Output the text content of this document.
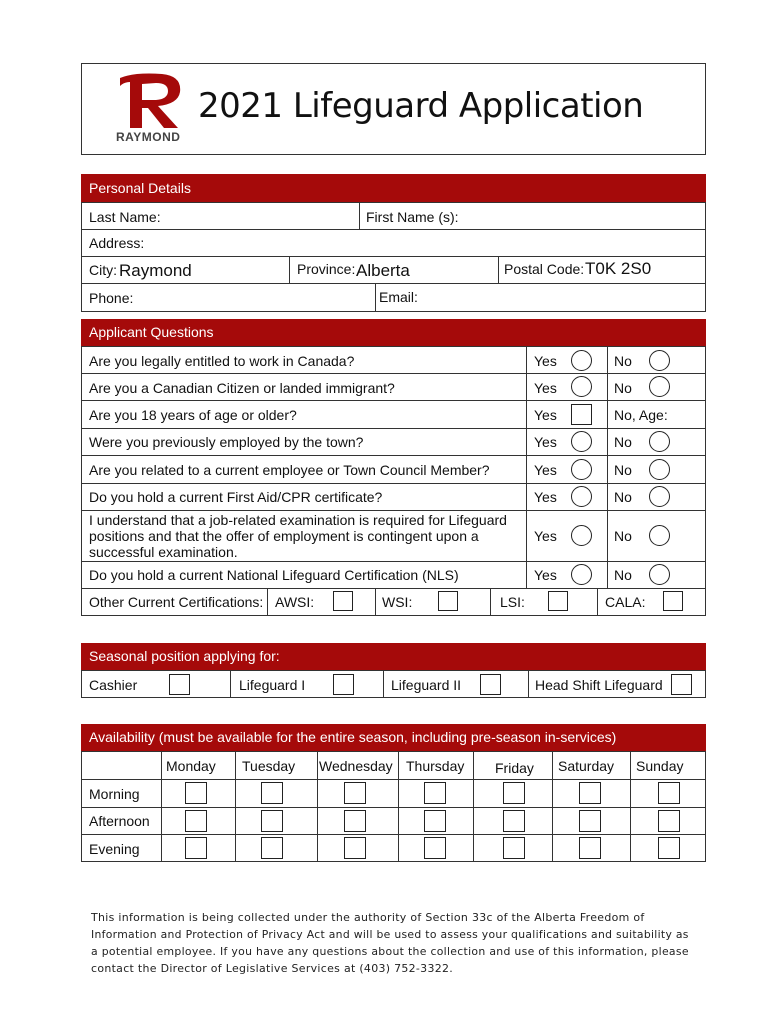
RAYMOND
2021 Lifeguard Application
Personal Details
Last Name:	First Name (s):
Address:
City: Raymond	Province: Alberta	Postal Code: T0K 2S0
Phone:	Email:
Applicant Questions
Are you legally entitled to work in Canada?	Yes	No
Are you a Canadian Citizen or landed immigrant?	Yes	No
Are you 18 years of age or older?	Yes	No, Age:
Were you previously employed by the town?	Yes	No
Are you related to a current employee or Town Council Member?	Yes	No
Do you hold a current First Aid/CPR certificate?	Yes	No
I understand that a job-related examination is required for Lifeguard
positions and that the offer of employment is contingent upon a
successful examination.
Yes	No
Do you hold a current National Lifeguard Certification (NLS)	Yes	No
Other Current Certifications: AWSI:	WSI:	LSI:	CALA:
Seasonal position applying for:
Cashier	Lifeguard I	Lifeguard II	Head Shift Lifeguard
Availability (must be available for the entire season, including pre-season in-services)
Monday Tuesday Wednesday Thursday Friday Saturday Sunday
Morning
Afternoon
Evening
This information is being collected under the authority of Section 33c of the Alberta Freedom of
Information and Protection of Privacy Act and will be used to assess your qualifications and suitability as
a potential employee. If you have any questions about the collection and use of this information, please
contact the Director of Legislative Services at (403) 752-3322.
